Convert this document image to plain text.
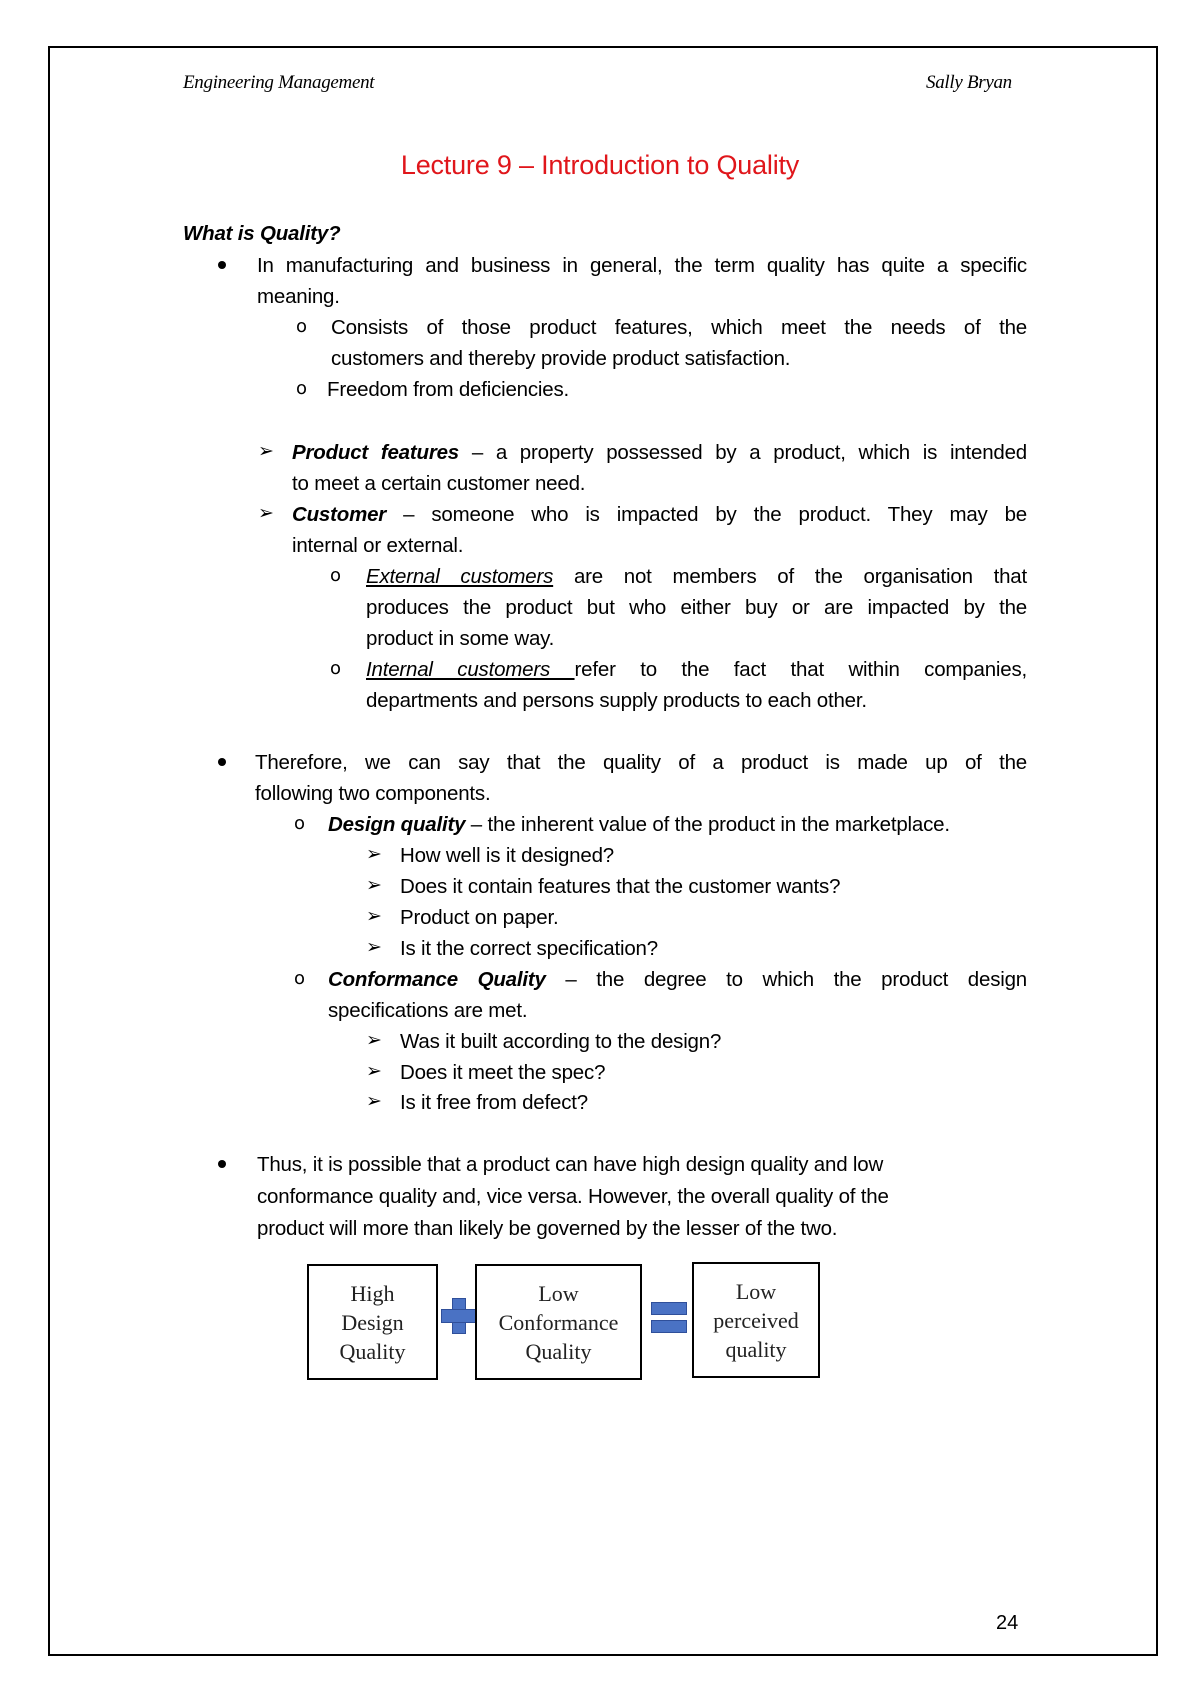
Engineering Management	Sally Bryan
Lecture 9 – Introduction to Quality
What is Quality?
In manufacturing and business in general, the term quality has quite a specific
meaning.
o Consists of those product features, which meet the needs of the
customers and thereby provide product satisfaction.
o Freedom from deficiencies.
➢ Product features – a property possessed by a product, which is intended
to meet a certain customer need.
➢ Customer – someone who is impacted by the product. They may be
internal or external.
o External customers are not members of the organisation that
produces the product but who either buy or are impacted by the
product in some way.
o Internal customers refer to the fact that within companies,
departments and persons supply products to each other.
Therefore, we can say that the quality of a product is made up of the
following two components.
o Design quality – the inherent value of the product in the marketplace.
➢ How well is it designed?
➢ Does it contain features that the customer wants?
➢ Product on paper.
➢ Is it the correct specification?
o Conformance Quality – the degree to which the product design
specifications are met.
➢ Was it built according to the design?
➢ Does it meet the spec?
➢ Is it free from defect?
Thus, it is possible that a product can have high design quality and low
conformance quality and, vice versa. However, the overall quality of the
product will more than likely be governed by the lesser of the two.
High
Design
Quality
Low
Conformance
Quality
Low
perceived
quality
24
